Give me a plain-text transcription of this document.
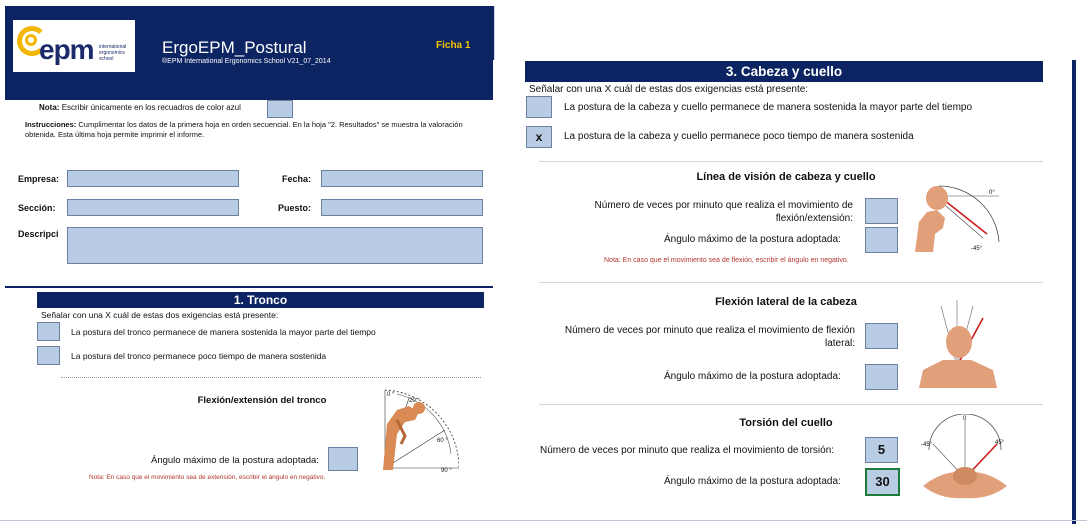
epm international ergonomics school
ErgoEPM_Postural
®EPM International Ergonomics School V21_07_2014
Ficha 1
Nota: Escribir únicamente en los recuadros de color azul
Instrucciones: Cumplimentar los datos de la primera hoja en orden secuencial. En la hoja "2. Resultados" se muestra la valoración obtenida. Esta última hoja permite imprimir el informe.
Empresa:	Fecha:
Sección:	Puesto:
Descripci
1. Tronco
Señalar con una X cuál de estas dos exigencias está presente:
La postura del tronco permanece de manera sostenida la mayor parte del tiempo
La postura del tronco permanece poco tiempo de manera sostenida
Flexión/extensión del tronco
Ángulo máximo de la postura adoptada:
Nota: En caso que el movimiento sea de extensión, escribir el ángulo en negativo.
0 °
20 °
60 °
90 °
3. Cabeza y cuello
Señalar con una X cuál de estas dos exigencias está presente:
La postura de la cabeza y cuello permanece de manera sostenida la mayor parte del tiempo
x	La postura de la cabeza y cuello permanece poco tiempo de manera sostenida
Línea de visión de cabeza y cuello
Número de veces por minuto que realiza el movimiento de flexión/extensión:
Ángulo máximo de la postura adoptada:
Nota: En caso que el movimiento sea de flexión, escribir el ángulo en negativo.
0°
-45°
Flexión lateral de la cabeza
Número de veces por minuto que realiza el movimiento de flexión lateral:
Ángulo máximo de la postura adoptada:
Torsión del cuello
Número de veces por minuto que realiza el movimiento de torsión:	5
Ángulo máximo de la postura adoptada:	30
0
-45°	45°
